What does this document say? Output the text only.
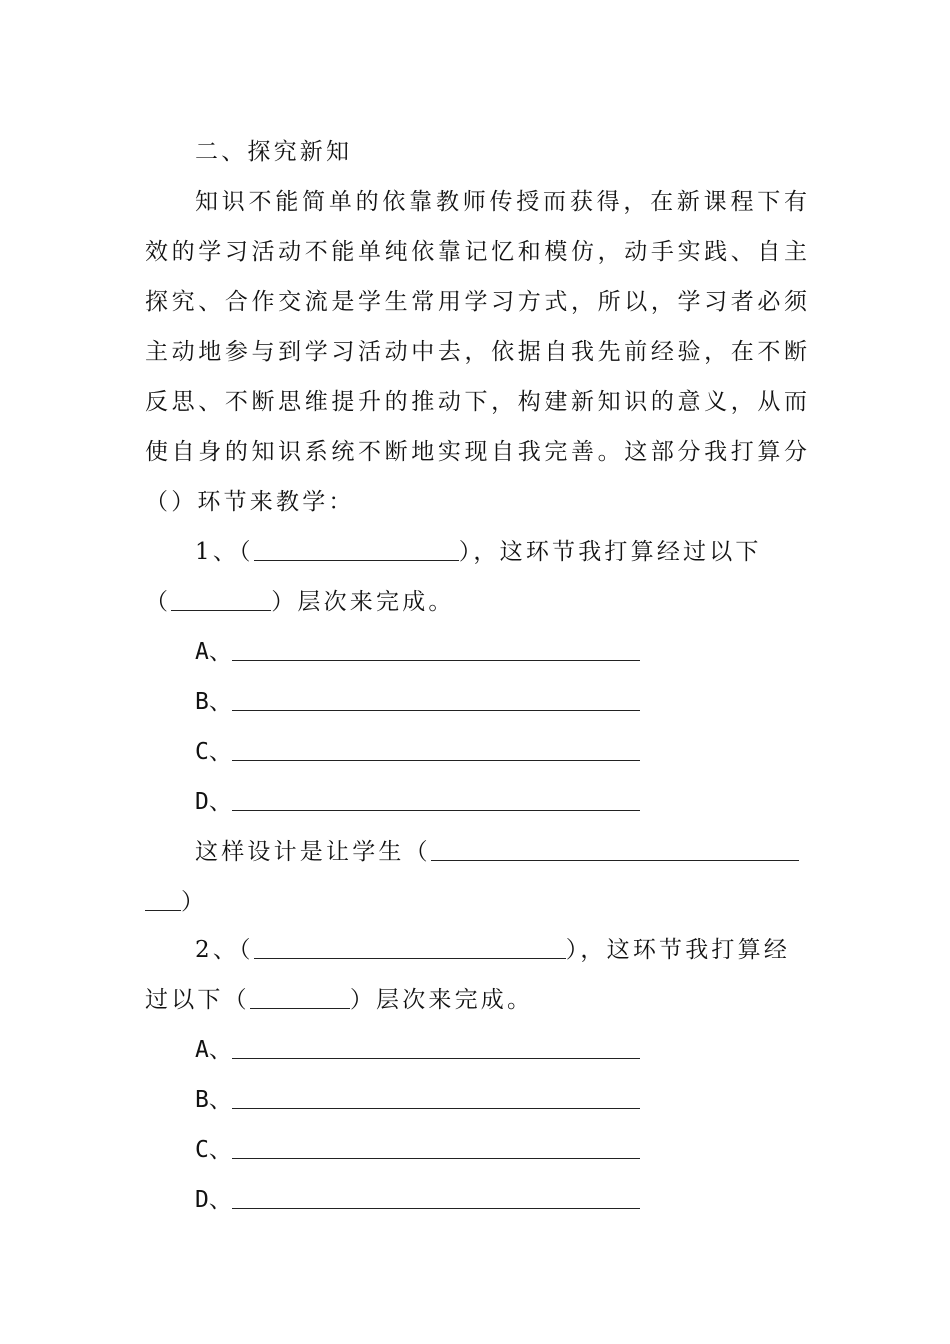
二、探究新知
知识不能简单的依靠教师传授而获得，在新课程下有
效的学习活动不能单纯依靠记忆和模仿，动手实践、自主
探究、合作交流是学生常用学习方式，所以，学习者必须
主动地参与到学习活动中去，依据自我先前经验，在不断
反思、不断思维提升的推动下，构建新知识的意义，从而
使自身的知识系统不断地实现自我完善。这部分我打算分
（）环节来教学：
1、（	），这环节我打算经过以下
（	）层次来完成。
A、
B、
C、
D、
这样设计是让学生（
）
2、（	），这环节我打算经
过以下（	）层次来完成。
A、
B、
C、
D、
